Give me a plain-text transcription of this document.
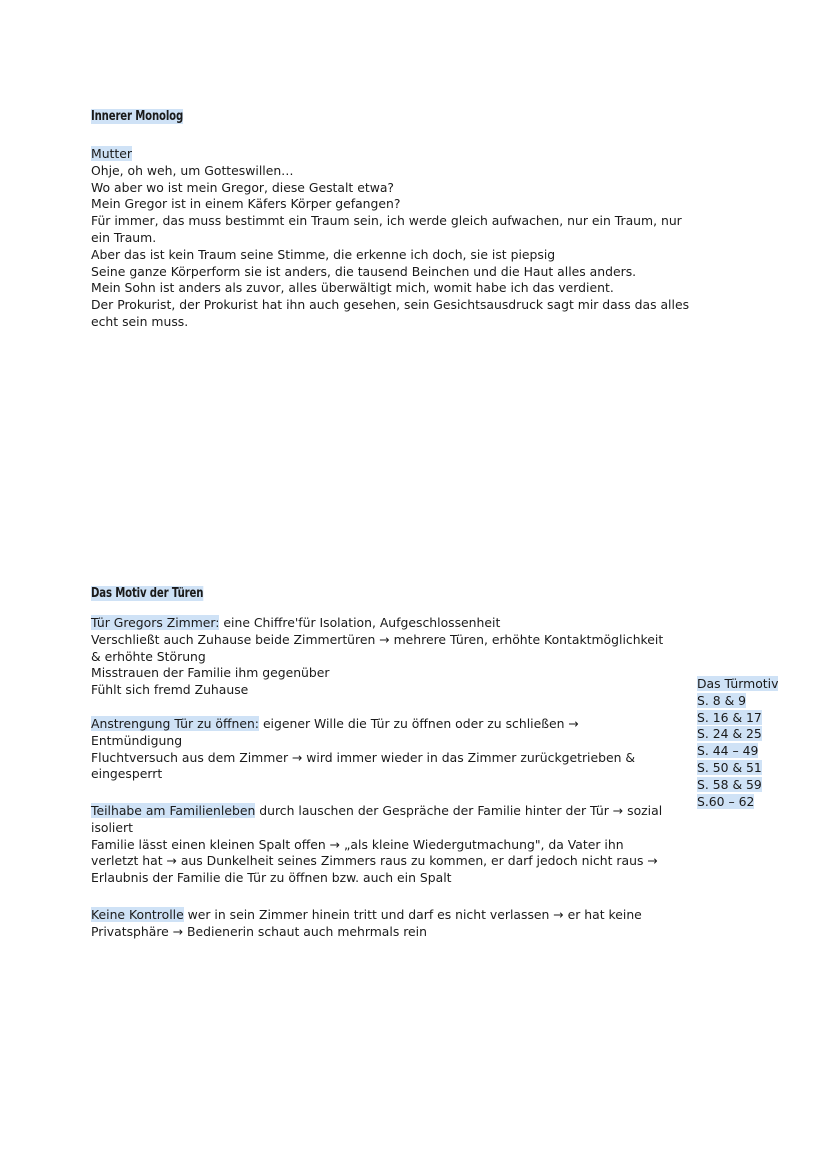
Innerer Monolog
Mutter
Ohje, oh weh, um Gotteswillen…
Wo aber wo ist mein Gregor, diese Gestalt etwa?
Mein Gregor ist in einem Käfers Körper gefangen?
Für immer, das muss bestimmt ein Traum sein, ich werde gleich aufwachen, nur ein Traum, nur
ein Traum.
Aber das ist kein Traum seine Stimme, die erkenne ich doch, sie ist piepsig
Seine ganze Körperform sie ist anders, die tausend Beinchen und die Haut alles anders.
Mein Sohn ist anders als zuvor, alles überwältigt mich, womit habe ich das verdient.
Der Prokurist, der Prokurist hat ihn auch gesehen, sein Gesichtsausdruck sagt mir dass das alles
echt sein muss.
Das Motiv der Türen
Tür Gregors Zimmer: eine Chiffre'für Isolation, Aufgeschlossenheit
Verschließt auch Zuhause beide Zimmertüren → mehrere Türen, erhöhte Kontaktmöglichkeit
& erhöhte Störung
Misstrauen der Familie ihm gegenüber
Fühlt sich fremd Zuhause
Anstrengung Tür zu öffnen: eigener Wille die Tür zu öffnen oder zu schließen →
Entmündigung
Fluchtversuch aus dem Zimmer → wird immer wieder in das Zimmer zurückgetrieben &
eingesperrt
Teilhabe am Familienleben durch lauschen der Gespräche der Familie hinter der Tür → sozial
isoliert
Familie lässt einen kleinen Spalt offen → „als kleine Wiedergutmachung", da Vater ihn
verletzt hat → aus Dunkelheit seines Zimmers raus zu kommen, er darf jedoch nicht raus →
Erlaubnis der Familie die Tür zu öffnen bzw. auch ein Spalt
Keine Kontrolle wer in sein Zimmer hinein tritt und darf es nicht verlassen → er hat keine
Privatsphäre → Bedienerin schaut auch mehrmals rein
Das Türmotiv
S. 8 & 9
S. 16 & 17
S. 24 & 25
S. 44 – 49
S. 50 & 51
S. 58 & 59
S.60 – 62
